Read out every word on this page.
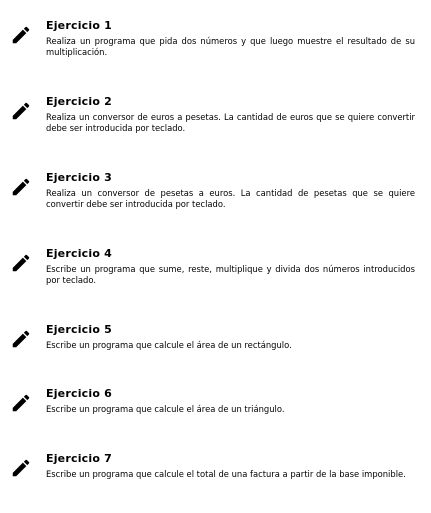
Ejercicio 1
Realiza un programa que pida dos números y que luego muestre el resultado de su multiplicación.
Ejercicio 2
Realiza un conversor de euros a pesetas. La cantidad de euros que se quiere convertir debe ser introducida por teclado.
Ejercicio 3
Realiza un conversor de pesetas a euros. La cantidad de pesetas que se quiere convertir debe ser introducida por teclado.
Ejercicio 4
Escribe un programa que sume, reste, multiplique y divida dos números introducidos por teclado.
Ejercicio 5
Escribe un programa que calcule el área de un rectángulo.
Ejercicio 6
Escribe un programa que calcule el área de un triángulo.
Ejercicio 7
Escribe un programa que calcule el total de una factura a partir de la base imponible.
